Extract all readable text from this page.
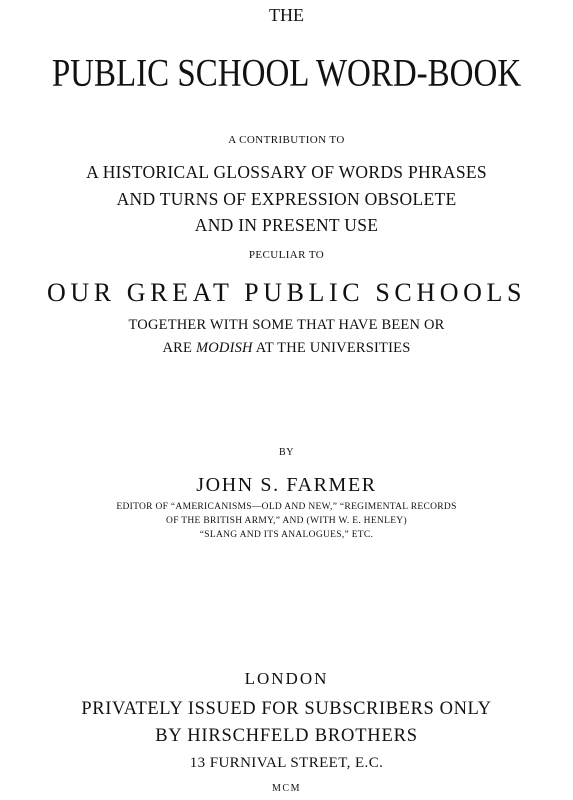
THE
PUBLIC SCHOOL WORD-BOOK
A CONTRIBUTION TO
A HISTORICAL GLOSSARY OF WORDS PHRASES
AND TURNS OF EXPRESSION OBSOLETE
AND IN PRESENT USE
PECULIAR TO
OUR GREAT PUBLIC SCHOOLS
TOGETHER WITH SOME THAT HAVE BEEN OR
ARE MODISH AT THE UNIVERSITIES
BY
JOHN S. FARMER
EDITOR OF “AMERICANISMS—OLD AND NEW,” “REGIMENTAL RECORDS
OF THE BRITISH ARMY,” AND (WITH W. E. HENLEY)
“SLANG AND ITS ANALOGUES,” ETC.
LONDON
PRIVATELY ISSUED FOR SUBSCRIBERS ONLY
BY HIRSCHFELD BROTHERS
13 FURNIVAL STREET, E.C.
MCM
